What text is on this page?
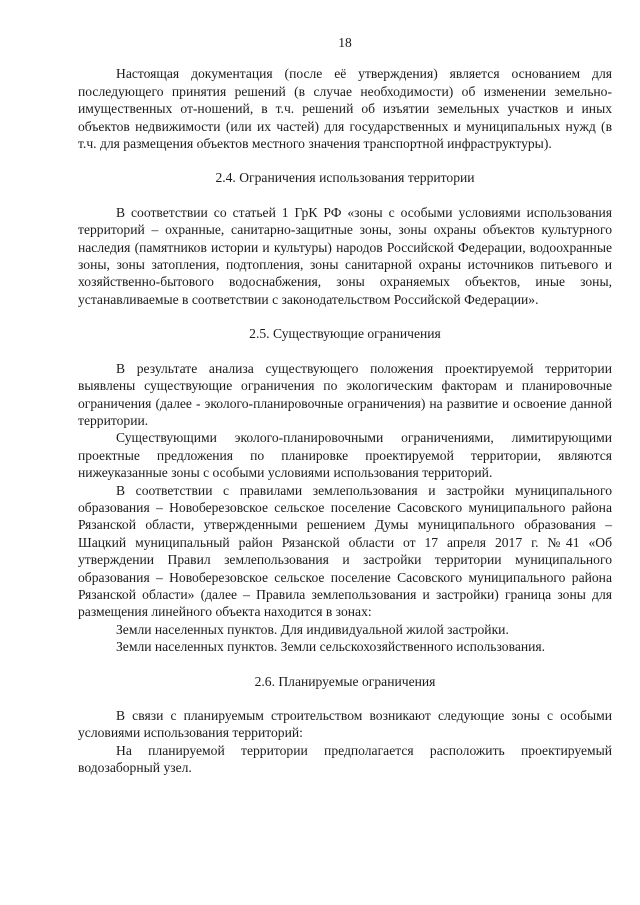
18

Настоящая документация (после её утверждения) является основанием для последующего принятия решений (в случае необходимости) об изменении земельно-имущественных от-ношений, в т.ч. решений об изъятии земельных участков и иных объектов недвижимости (или их частей) для государственных и муниципальных нужд (в т.ч. для размещения объектов местного значения транспортной инфраструктуры).

2.4. Ограничения использования территории

В соответствии со статьей 1 ГрК РФ «зоны с особыми условиями использования территорий – охранные, санитарно-защитные зоны, зоны охраны объектов культурного наследия (памятников истории и культуры) народов Российской Федерации, водоохранные зоны, зоны затопления, подтопления, зоны санитарной охраны источников питьевого и хозяйственно-бытового водоснабжения, зоны охраняемых объектов, иные зоны, устанавливаемые в соответствии с законодательством Российской Федерации».

2.5. Существующие ограничения

В результате анализа существующего положения проектируемой территории выявлены существующие ограничения по экологическим факторам и планировочные ограничения (далее - эколого-планировочные ограничения) на развитие и освоение данной территории.

Существующими эколого-планировочными ограничениями, лимитирующими проектные предложения по планировке проектируемой территории, являются нижеуказанные зоны с особыми условиями использования территорий.

В соответствии с правилами землепользования и застройки муниципального образования – Новоберезовское сельское поселение Сасовского муниципального района Рязанской области, утвержденными решением Думы муниципального образования – Шацкий муниципальный район Рязанской области от 17 апреля 2017 г. №41 «Об утверждении Правил землепользования и застройки территории муниципального образования – Новоберезовское сельское поселение Сасовского муниципального района Рязанской области» (далее – Правила землепользования и застройки) граница зоны для размещения линейного объекта находится в зонах:

Земли населенных пунктов. Для индивидуальной жилой застройки.

Земли населенных пунктов. Земли сельскохозяйственного использования.

2.6. Планируемые ограничения

В связи с планируемым строительством возникают следующие зоны с особыми условиями использования территорий:

На планируемой территории предполагается расположить проектируемый водозаборный узел.
